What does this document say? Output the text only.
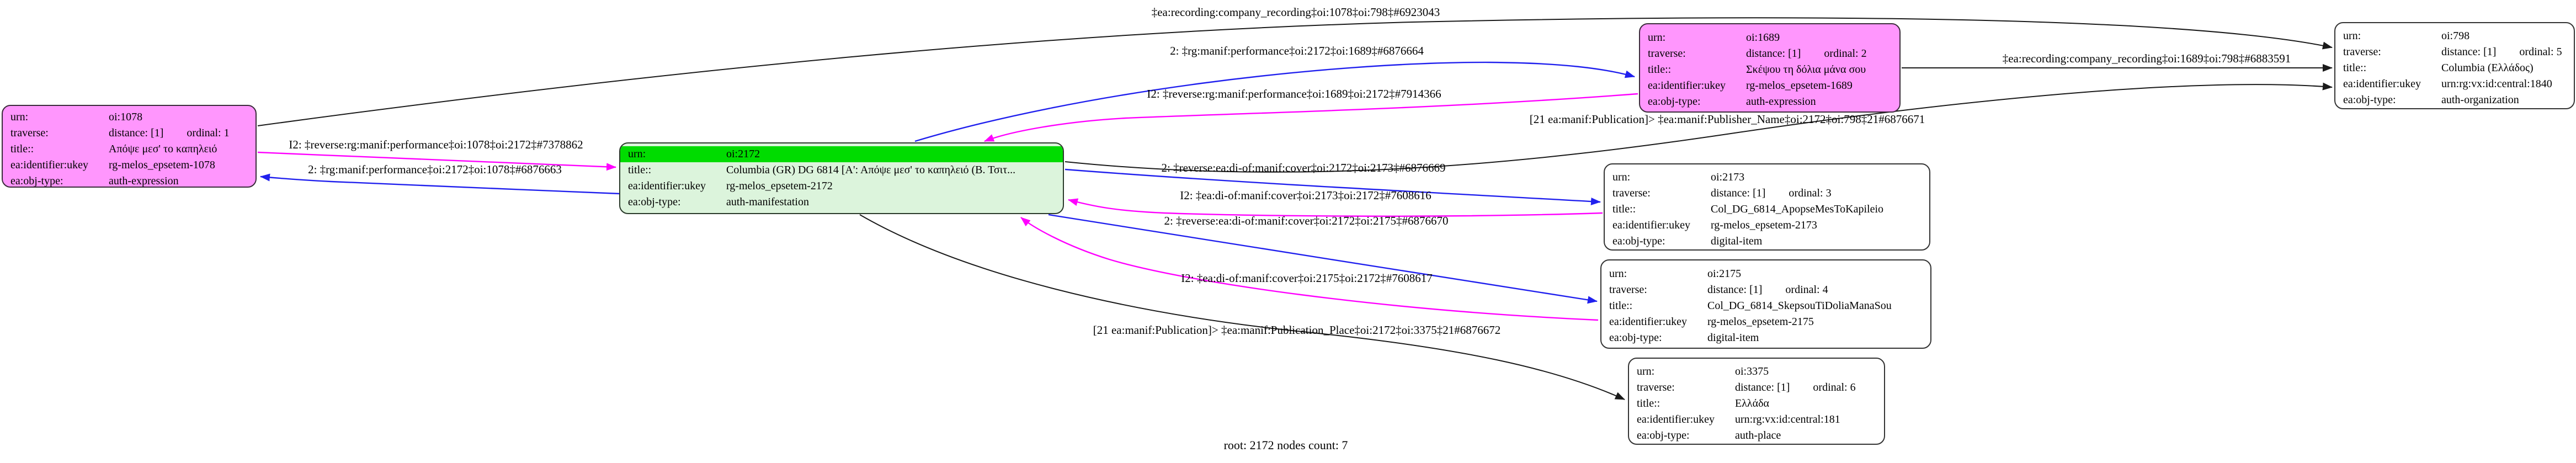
urn:	oi:1078
traverse:	distance: [1] ordinal: 1
title::	Απόψε μεσ' το καπηλειό
ea:identifier:ukey	rg-melos_epsetem-1078
ea:obj-type:	auth-expression
urn:	oi:2172
title::	Columbia (GR) DG 6814 [Α': Απόψε μεσ' το καπηλειό (Β. Τσιτ...
ea:identifier:ukey	rg-melos_epsetem-2172
ea:obj-type:	auth-manifestation
urn:	oi:1689
traverse:	distance: [1] ordinal: 2
title::	Σκέψου τη δόλια μάνα σου
ea:identifier:ukey	rg-melos_epsetem-1689
ea:obj-type:	auth-expression
urn:	oi:798
traverse:	distance: [1] ordinal: 5
title::	Columbia (Ελλάδος)
ea:identifier:ukey	urn:rg:vx:id:central:1840
ea:obj-type:	auth-organization
urn:	oi:2173
traverse:	distance: [1] ordinal: 3
title::	Col_DG_6814_ApopseMesToKapileio
ea:identifier:ukey	rg-melos_epsetem-2173
ea:obj-type:	digital-item
urn:	oi:2175
traverse:	distance: [1] ordinal: 4
title::	Col_DG_6814_SkepsouTiDoliaManaSou
ea:identifier:ukey	rg-melos_epsetem-2175
ea:obj-type:	digital-item
urn:	oi:3375
traverse:	distance: [1] ordinal: 6
title::	Ελλάδα
ea:identifier:ukey	urn:rg:vx:id:central:181
ea:obj-type:	auth-place
‡ea:recording:company_recording‡oi:1078‡oi:798‡#6923043
2: ‡rg:manif:performance‡oi:2172‡oi:1689‡#6876664
I2: ‡reverse:rg:manif:performance‡oi:1689‡oi:2172‡#7914366
‡ea:recording:company_recording‡oi:1689‡oi:798‡#6883591
[21 ea:manif:Publication]> ‡ea:manif:Publisher_Name‡oi:2172‡oi:798‡21#6876671
I2: ‡reverse:rg:manif:performance‡oi:1078‡oi:2172‡#7378862
2: ‡rg:manif:performance‡oi:2172‡oi:1078‡#6876663	2: ‡reverse:ea:di-of:manif:cover‡oi:2172‡oi:2173‡#6876669
I2: ‡ea:di-of:manif:cover‡oi:2173‡oi:2172‡#7608616
2: ‡reverse:ea:di-of:manif:cover‡oi:2172‡oi:2175‡#6876670
I2: ‡ea:di-of:manif:cover‡oi:2175‡oi:2172‡#7608617
[21 ea:manif:Publication]> ‡ea:manif:Publication_Place‡oi:2172‡oi:3375‡21#6876672
root: 2172 nodes count: 7
